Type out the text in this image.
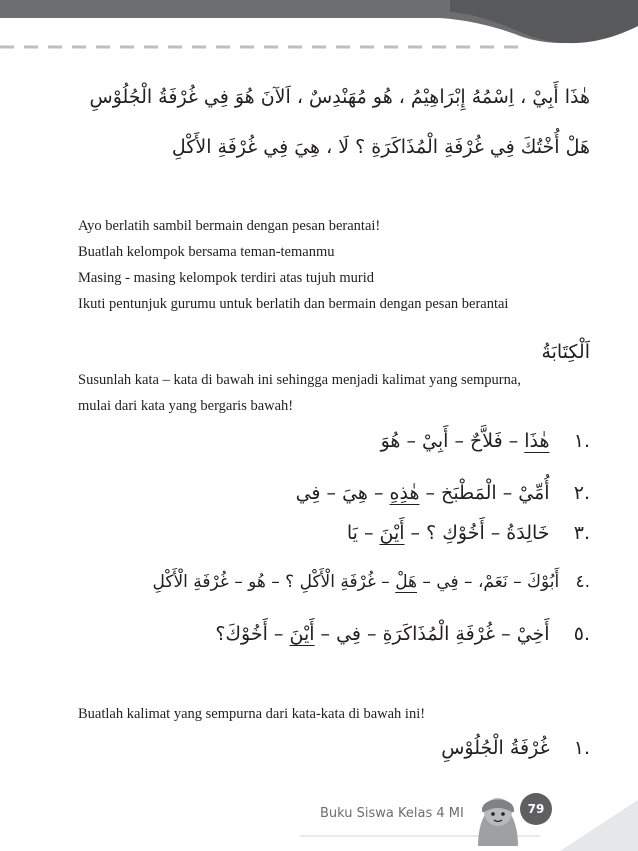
هٰذَا أَبِيْ ، اِسْمُهُ إِبْرَاهِيْمُ ، هُو مُهَنْدِسٌ ، اَلآنَ هُوَ فِي غُرْفَةُ الْجُلُوْسِ
هَلْ أُخْتُكَ فِي غُرْفَةِ الْمُذَاكَرَةِ ؟ لَا ، هِيَ فِي غُرْفَةِ الأَكْلِ
Ayo berlatih sambil bermain dengan pesan berantai!
Buatlah kelompok bersama teman-temanmu
Masing - masing kelompok terdiri atas tujuh murid
Ikuti pentunjuk gurumu untuk berlatih dan bermain dengan pesan berantai
اَلْكِتَابَةُ
Susunlah kata – kata di bawah ini sehingga menjadi kalimat yang sempurna,
mulai dari kata yang bergaris bawah!
.١    هٰذَا – فَلاَّحٌ – أَبِيْ – هُوَ
.٢    أُمِّيْ – الْمَطْبَخ – هٰذِهِ – هِيَ – فِي
.٣    خَالِدَةُ – أَخُوْكِ ؟ – أَيْنَ – يَا
.٤   أَبُوْكَ – نَعَمْ، – فِي – هَلْ – غُرْفَةِ الْأَكْلِ ؟ – هُو – غُرْفَةِ الْأَكْلِ
.٥    أَخِيْ – غُرْفَةِ الْمُذَاكَرَةِ – فِي – أَيْنَ – أَخُوْكَ؟
Buatlah kalimat yang sempurna dari kata-kata di bawah ini!
.١    غُرْفَةُ الْجُلُوْسِ
Buku Siswa Kelas 4 MI	79
